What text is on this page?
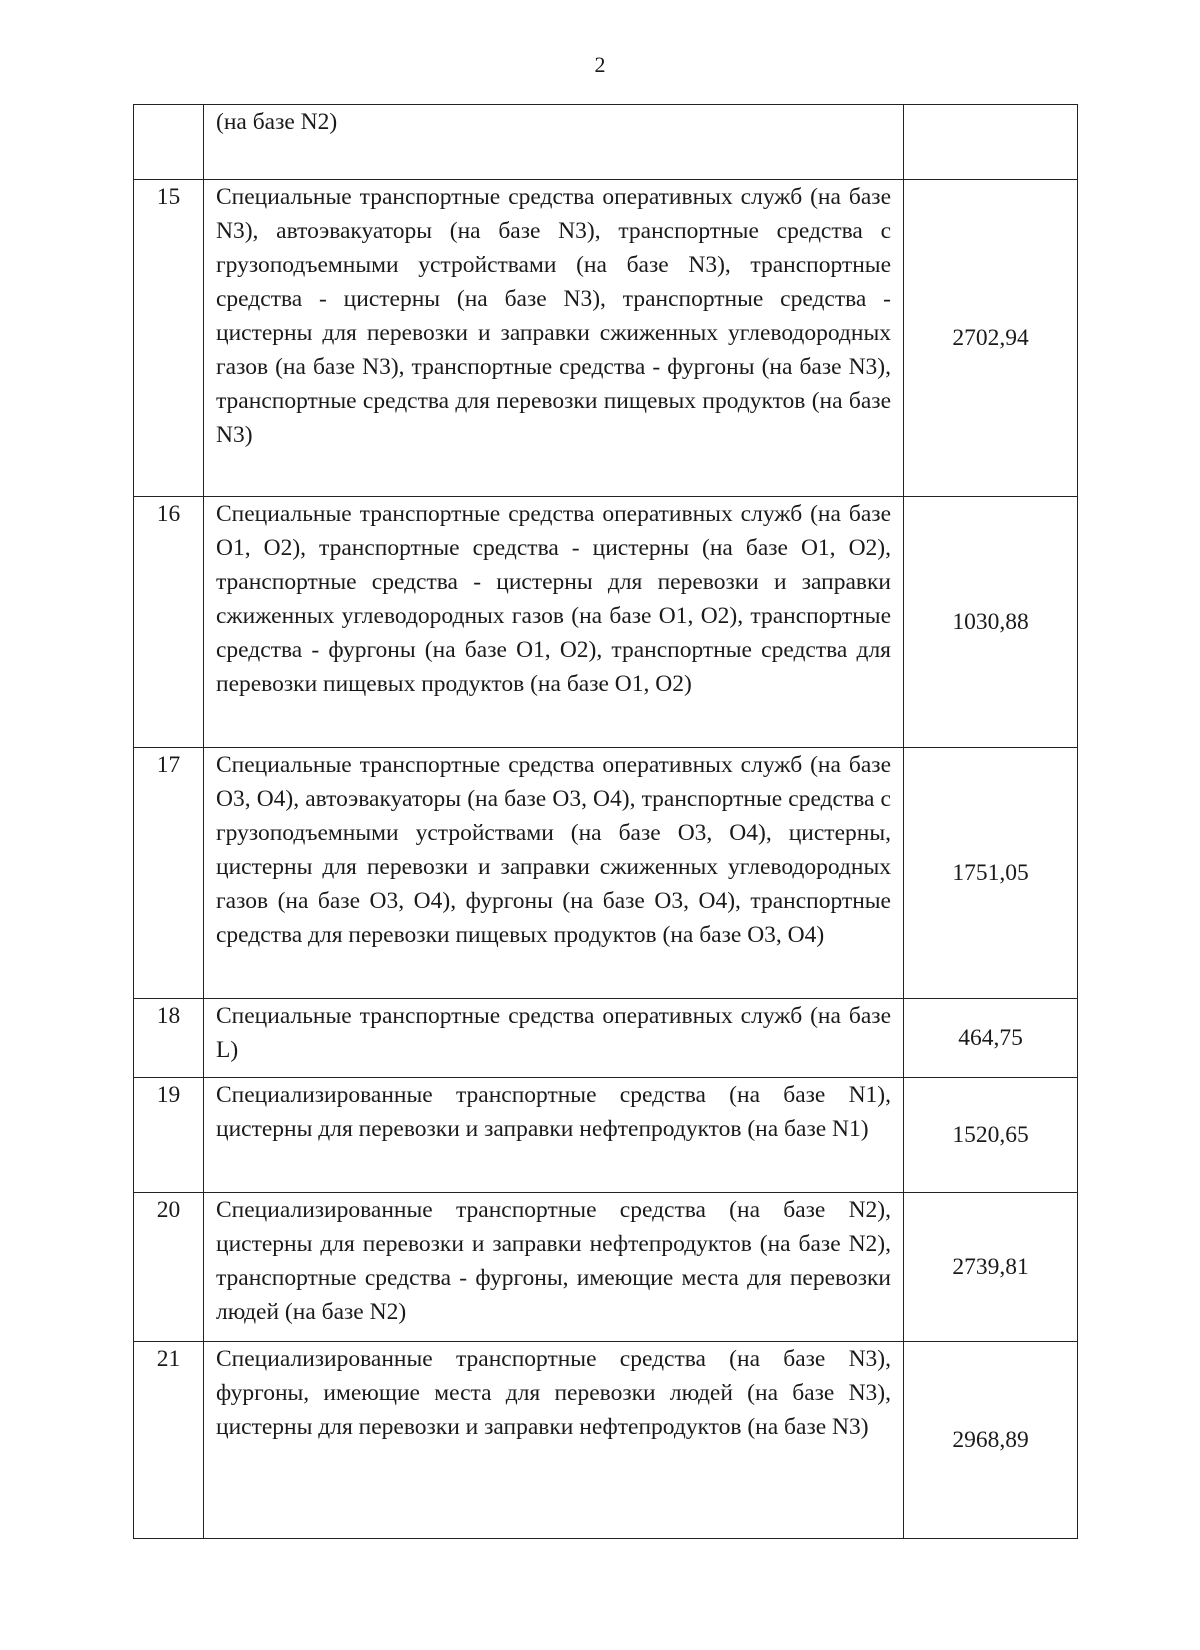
2
	(на базе N2)	
15	Специальные транспортные средства оперативных служб (на базе N3), автоэвакуаторы (на базе N3), транспортные средства с грузоподъемными устройствами (на базе N3), транспортные средства - цистерны (на базе N3), транспортные средства - цистерны для перевозки и заправки сжиженных углеводородных газов (на базе N3), транспортные средства - фургоны (на базе N3), транспортные средства для перевозки пищевых продуктов (на базе N3)	2702,94
16	Специальные транспортные средства оперативных служб (на базе O1, O2), транспортные средства - цистерны (на базе O1, O2), транспортные средства - цистерны для перевозки и заправки сжиженных углеводородных газов (на базе O1, O2), транспортные средства - фургоны (на базе O1, O2), транспортные средства для перевозки пищевых продуктов (на базе O1, O2)	1030,88
17	Специальные транспортные средства оперативных служб (на базе O3, O4), автоэвакуаторы (на базе O3, O4), транспортные средства с грузоподъемными устройствами (на базе O3, O4), цистерны, цистерны для перевозки и заправки сжиженных углеводородных газов (на базе O3, O4), фургоны (на базе O3, O4), транспортные средства для перевозки пищевых продуктов (на базе O3, O4)	1751,05
18	Специальные транспортные средства оперативных служб (на базе L)	464,75
19	Специализированные транспортные средства (на базе N1), цистерны для перевозки и заправки нефтепродуктов (на базе N1)	1520,65
20	Специализированные транспортные средства (на базе N2), цистерны для перевозки и заправки нефтепродуктов (на базе N2), транспортные средства - фургоны, имеющие места для перевозки людей (на базе N2)	2739,81
21	Специализированные транспортные средства (на базе N3), фургоны, имеющие места для перевозки людей (на базе N3), цистерны для перевозки и заправки нефтепродуктов (на базе N3)	2968,89
